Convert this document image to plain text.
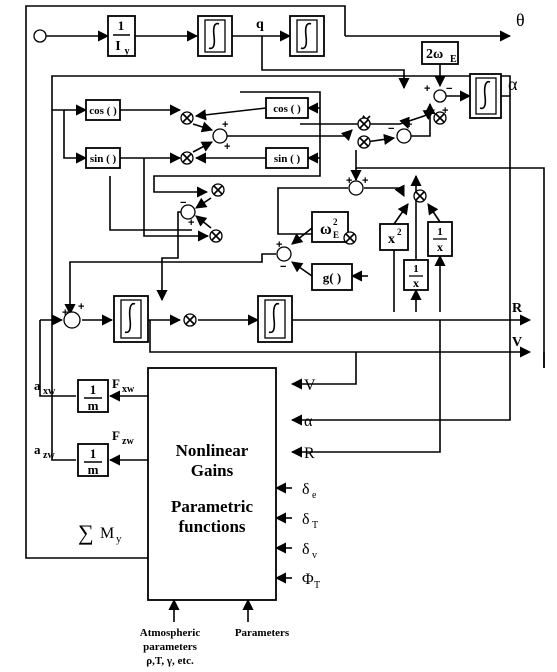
+ −
+
+
+
−
+
− +
+ +
+
−
+ +
1
I y
q	θ
α
2ω E
cos ( )
sin ( )
cos ( )
sin ( )
ω 2
E
g( )
x 2	1
x
1
x
R
V
1
m
1
m
a xw
F xw
a zw
F zw
∑ M y
Nonlinear
Gains
Parametric
functions
V
α
R
δ e
δ T
δ v
Φ T
Atmospheric
parameters
ρ,T, γ, etc.
Parameters
